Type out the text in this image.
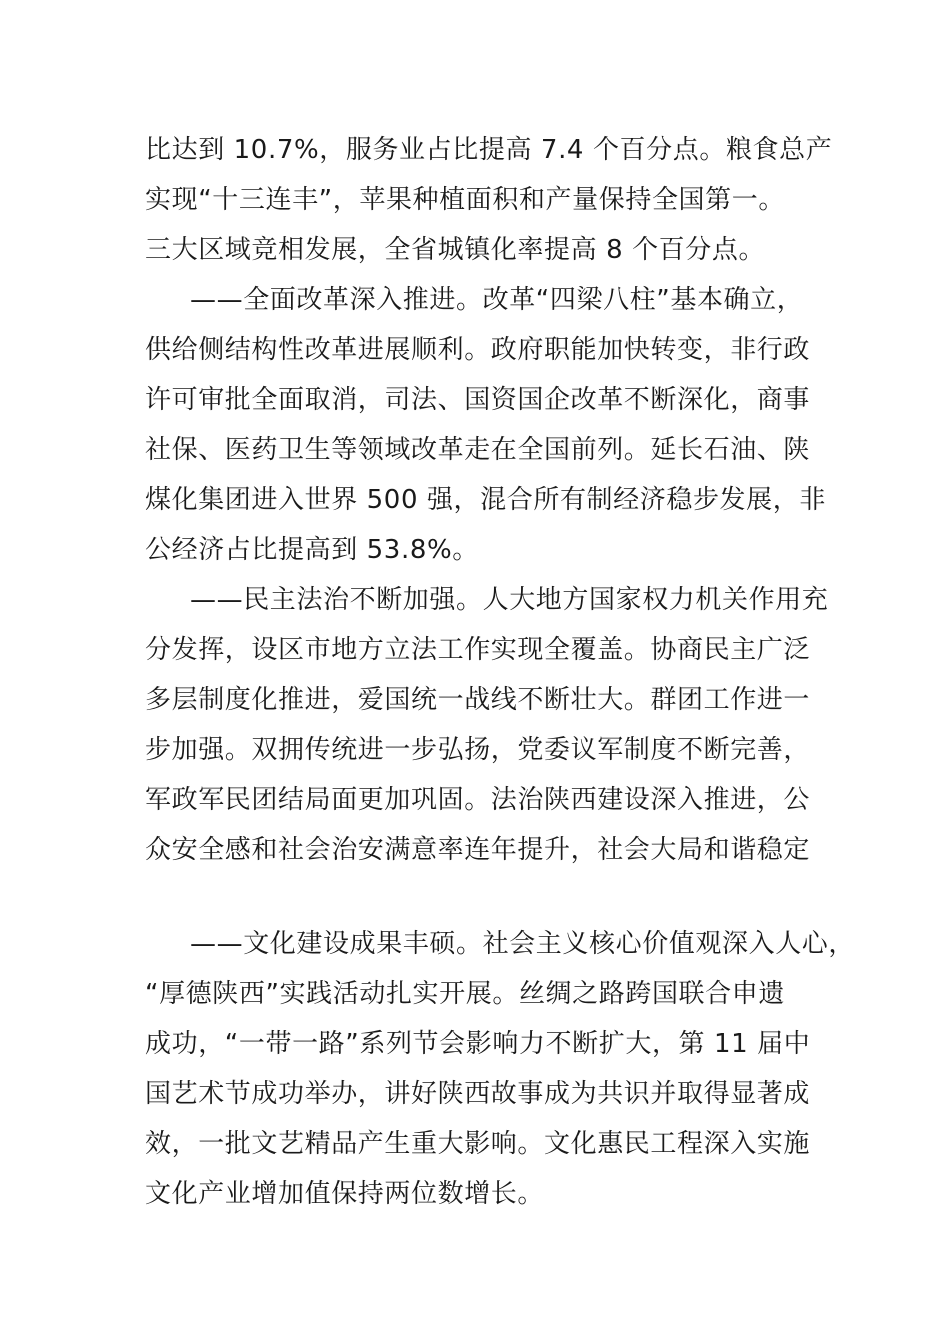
比达到 10.7%，服务业占比提高 7.4 个百分点。粮食总产

实现“十三连丰”，苹果种植面积和产量保持全国第一。

三大区域竞相发展，全省城镇化率提高 8 个百分点。

——全面改革深入推进。改革“四梁八柱”基本确立，

供给侧结构性改革进展顺利。政府职能加快转变，非行政

许可审批全面取消，司法、国资国企改革不断深化，商事

社保、医药卫生等领域改革走在全国前列。延长石油、陕

煤化集团进入世界 500 强，混合所有制经济稳步发展，非

公经济占比提高到 53.8%。

——民主法治不断加强。人大地方国家权力机关作用充

分发挥，设区市地方立法工作实现全覆盖。协商民主广泛

多层制度化推进，爱国统一战线不断壮大。群团工作进一

步加强。双拥传统进一步弘扬，党委议军制度不断完善，

军政军民团结局面更加巩固。法治陕西建设深入推进，公

众安全感和社会治安满意率连年提升，社会大局和谐稳定

——文化建设成果丰硕。社会主义核心价值观深入人心，

“厚德陕西”实践活动扎实开展。丝绸之路跨国联合申遗

成功，“一带一路”系列节会影响力不断扩大，第 11 届中

国艺术节成功举办，讲好陕西故事成为共识并取得显著成

效，一批文艺精品产生重大影响。文化惠民工程深入实施

文化产业增加值保持两位数增长。
